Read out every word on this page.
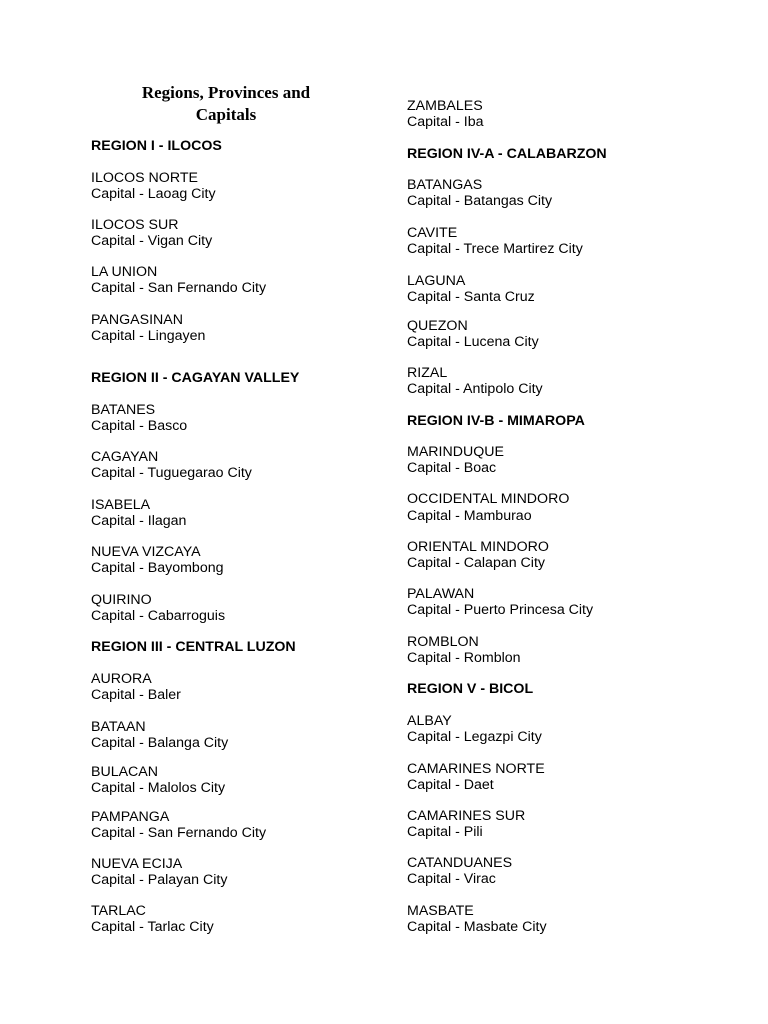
Regions, Provinces and
Capitals
REGION I - ILOCOS
ILOCOS NORTE
Capital - Laoag City
ILOCOS SUR
Capital - Vigan City
LA UNION
Capital - San Fernando City
PANGASINAN
Capital - Lingayen
REGION II - CAGAYAN VALLEY
BATANES
Capital - Basco
CAGAYAN
Capital - Tuguegarao City
ISABELA
Capital - Ilagan
NUEVA VIZCAYA
Capital - Bayombong
QUIRINO
Capital - Cabarroguis
REGION III - CENTRAL LUZON
AURORA
Capital - Baler
BATAAN
Capital - Balanga City
BULACAN
Capital - Malolos City
PAMPANGA
Capital - San Fernando City
NUEVA ECIJA
Capital - Palayan City
TARLAC
Capital - Tarlac City
ZAMBALES
Capital - Iba
REGION IV-A - CALABARZON
BATANGAS
Capital - Batangas City
CAVITE
Capital - Trece Martirez City
LAGUNA
Capital - Santa Cruz
QUEZON
Capital - Lucena City
RIZAL
Capital - Antipolo City
REGION IV-B - MIMAROPA
MARINDUQUE
Capital - Boac
OCCIDENTAL MINDORO
Capital - Mamburao
ORIENTAL MINDORO
Capital - Calapan City
PALAWAN
Capital - Puerto Princesa City
ROMBLON
Capital - Romblon
REGION V - BICOL
ALBAY
Capital - Legazpi City
CAMARINES NORTE
Capital - Daet
CAMARINES SUR
Capital - Pili
CATANDUANES
Capital - Virac
MASBATE
Capital - Masbate City
